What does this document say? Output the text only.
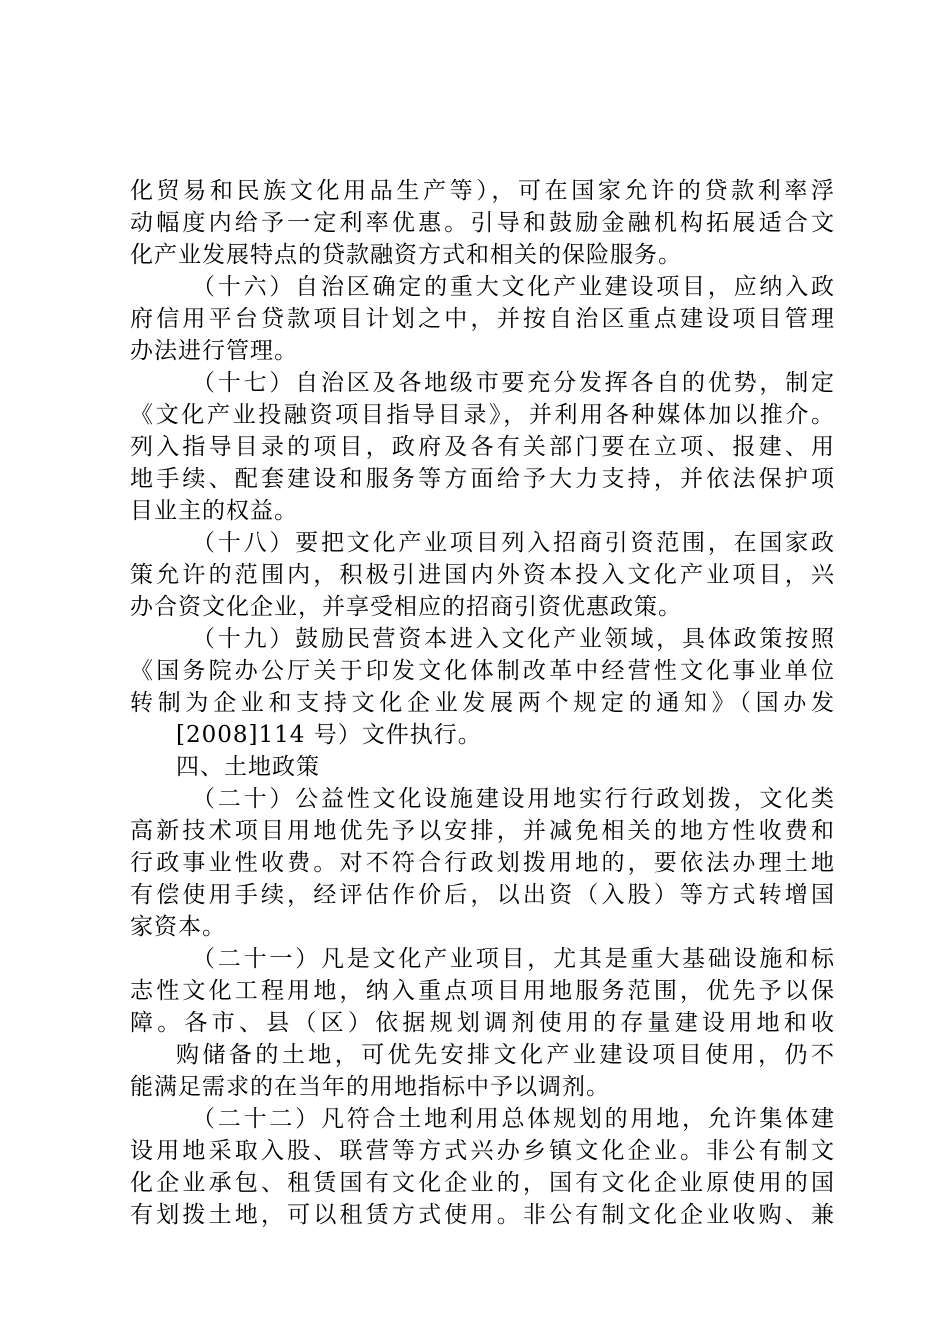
化贸易和民族文化用品生产等），可在国家允许的贷款利率浮
动幅度内给予一定利率优惠。引导和鼓励金融机构拓展适合文
化产业发展特点的贷款融资方式和相关的保险服务。
（十六）自治区确定的重大文化产业建设项目，应纳入政
府信用平台贷款项目计划之中，并按自治区重点建设项目管理
办法进行管理。
（十七）自治区及各地级市要充分发挥各自的优势，制定
《文化产业投融资项目指导目录》，并利用各种媒体加以推介。
列入指导目录的项目，政府及各有关部门要在立项、报建、用
地手续、配套建设和服务等方面给予大力支持，并依法保护项
目业主的权益。
（十八）要把文化产业项目列入招商引资范围，在国家政
策允许的范围内，积极引进国内外资本投入文化产业项目，兴
办合资文化企业，并享受相应的招商引资优惠政策。
（十九）鼓励民营资本进入文化产业领域，具体政策按照
《国务院办公厅关于印发文化体制改革中经营性文化事业单位
转制为企业和支持文化企业发展两个规定的通知》（国办发
[2008]114 号）文件执行。
四、土地政策
（二十）公益性文化设施建设用地实行行政划拨，文化类
高新技术项目用地优先予以安排，并减免相关的地方性收费和
行政事业性收费。对不符合行政划拨用地的，要依法办理土地
有偿使用手续，经评估作价后，以出资（入股）等方式转增国
家资本。
（二十一）凡是文化产业项目，尤其是重大基础设施和标
志性文化工程用地，纳入重点项目用地服务范围，优先予以保
障。各市、县（区）依据规划调剂使用的存量建设用地和收
购储备的土地，可优先安排文化产业建设项目使用，仍不
能满足需求的在当年的用地指标中予以调剂。
（二十二）凡符合土地利用总体规划的用地，允许集体建
设用地采取入股、联营等方式兴办乡镇文化企业。非公有制文
化企业承包、租赁国有文化企业的，国有文化企业原使用的国
有划拨土地，可以租赁方式使用。非公有制文化企业收购、兼
